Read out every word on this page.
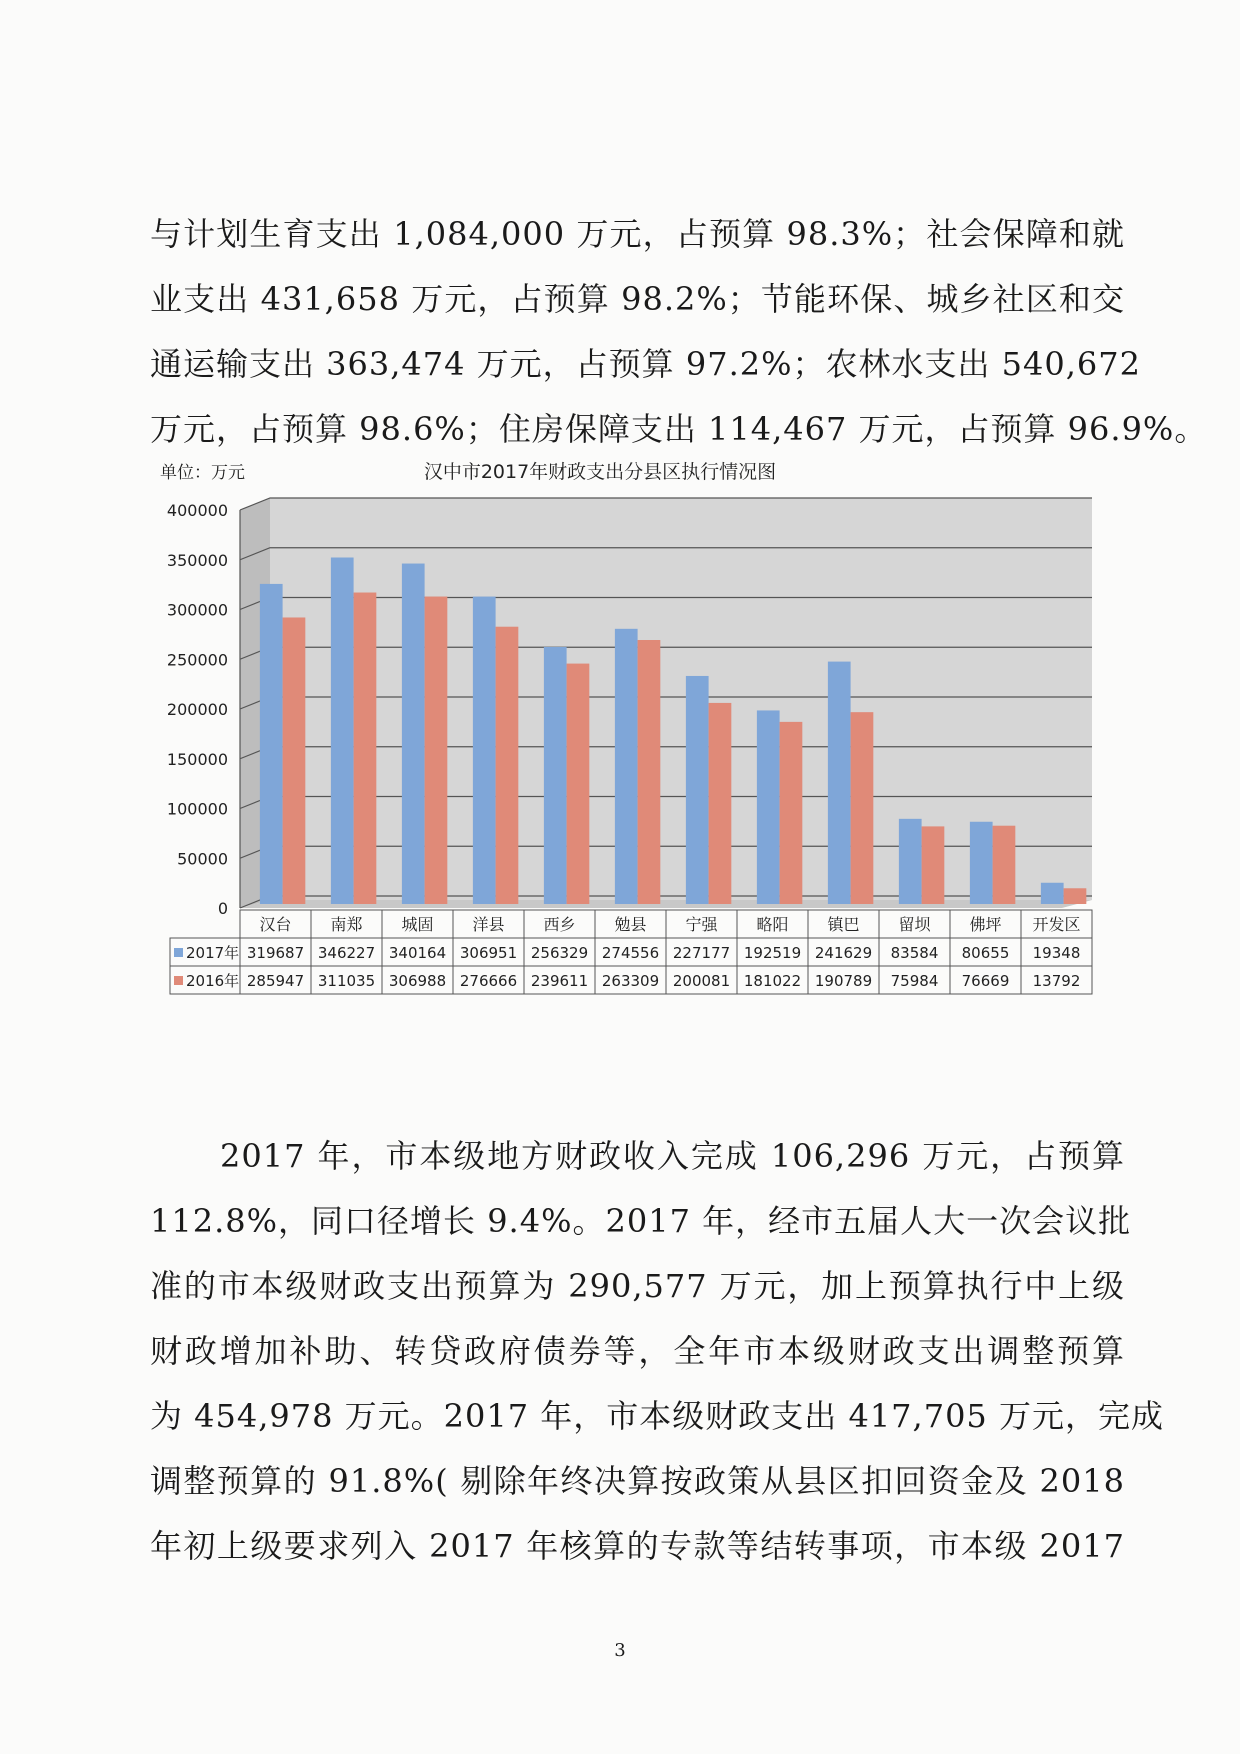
与计划生育支出 1,084,000 万元，占预算 98.3%；社会保障和就
业支出 431,658 万元，占预算 98.2%；节能环保、城乡社区和交
通运输支出 363,474 万元，占预算 97.2%；农林水支出 540,672
万元，占预算 98.6%；住房保障支出 114,467 万元，占预算 96.9%。
单位：万元	汉中市2017年财政支出分县区执行情况图
0
50000
100000
150000
200000
250000
300000
350000
400000
汉台 南郑 城固 洋县 西乡 勉县 宁强 略阳 镇巴 留坝 佛坪 开发区
2017年 319687 346227 340164 306951 256329 274556 227177 192519 241629 83584 80655 19348
2016年 285947 311035 306988 276666 239611 263309 200081 181022 190789 75984 76669 13792
2017 年，市本级地方财政收入完成 106,296 万元，占预算
112.8%，同口径增长 9.4%。2017 年，经市五届人大一次会议批
准的市本级财政支出预算为 290,577 万元，加上预算执行中上级
财政增加补助、转贷政府债券等，全年市本级财政支出调整预算
为 454,978 万元。2017 年，市本级财政支出 417,705 万元，完成
调整预算的 91.8%( 剔除年终决算按政策从县区扣回资金及 2018
年初上级要求列入 2017 年核算的专款等结转事项，市本级 2017
3
